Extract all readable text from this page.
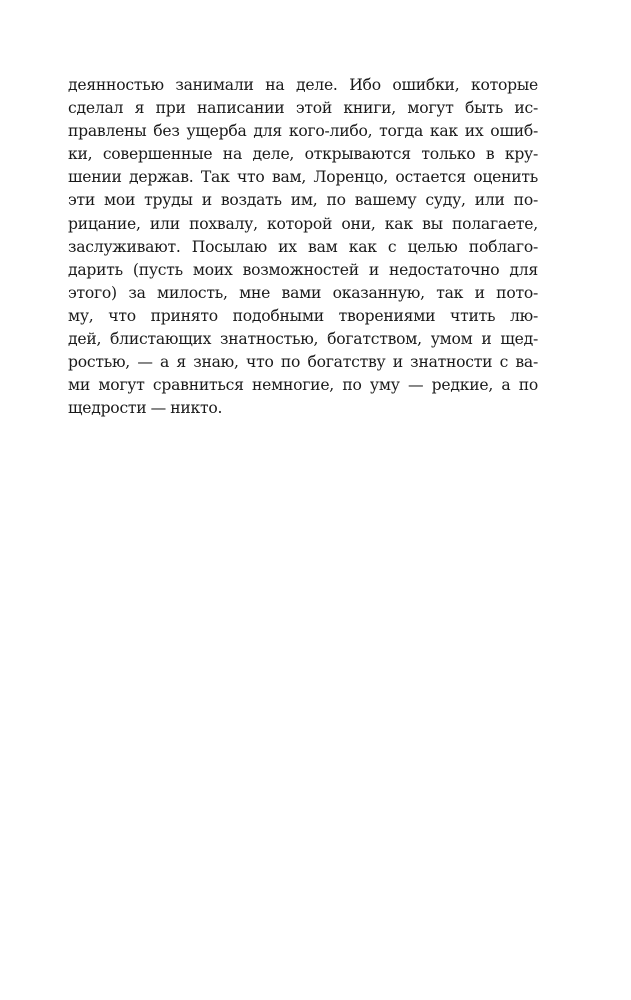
деянностью занимали на деле. Ибо ошибки, которые
сделал я при написании этой книги, могут быть ис-
правлены без ущерба для кого-либо, тогда как их ошиб-
ки, совершенные на деле, открываются только в кру-
шении держав. Так что вам, Лоренцо, остается оценить
эти мои труды и воздать им, по вашему суду, или по-
рицание, или похвалу, которой они, как вы полагаете,
заслуживают. Посылаю их вам как с целью поблаго-
дарить (пусть моих возможностей и недостаточно для
этого) за милость, мне вами оказанную, так и пото-
му, что принято подобными творениями чтить лю-
дей, блистающих знатностью, богатством, умом и щед-
ростью, — а я знаю, что по богатству и знатности с ва-
ми могут сравниться немногие, по уму — редкие, а по
щедрости — никто.
